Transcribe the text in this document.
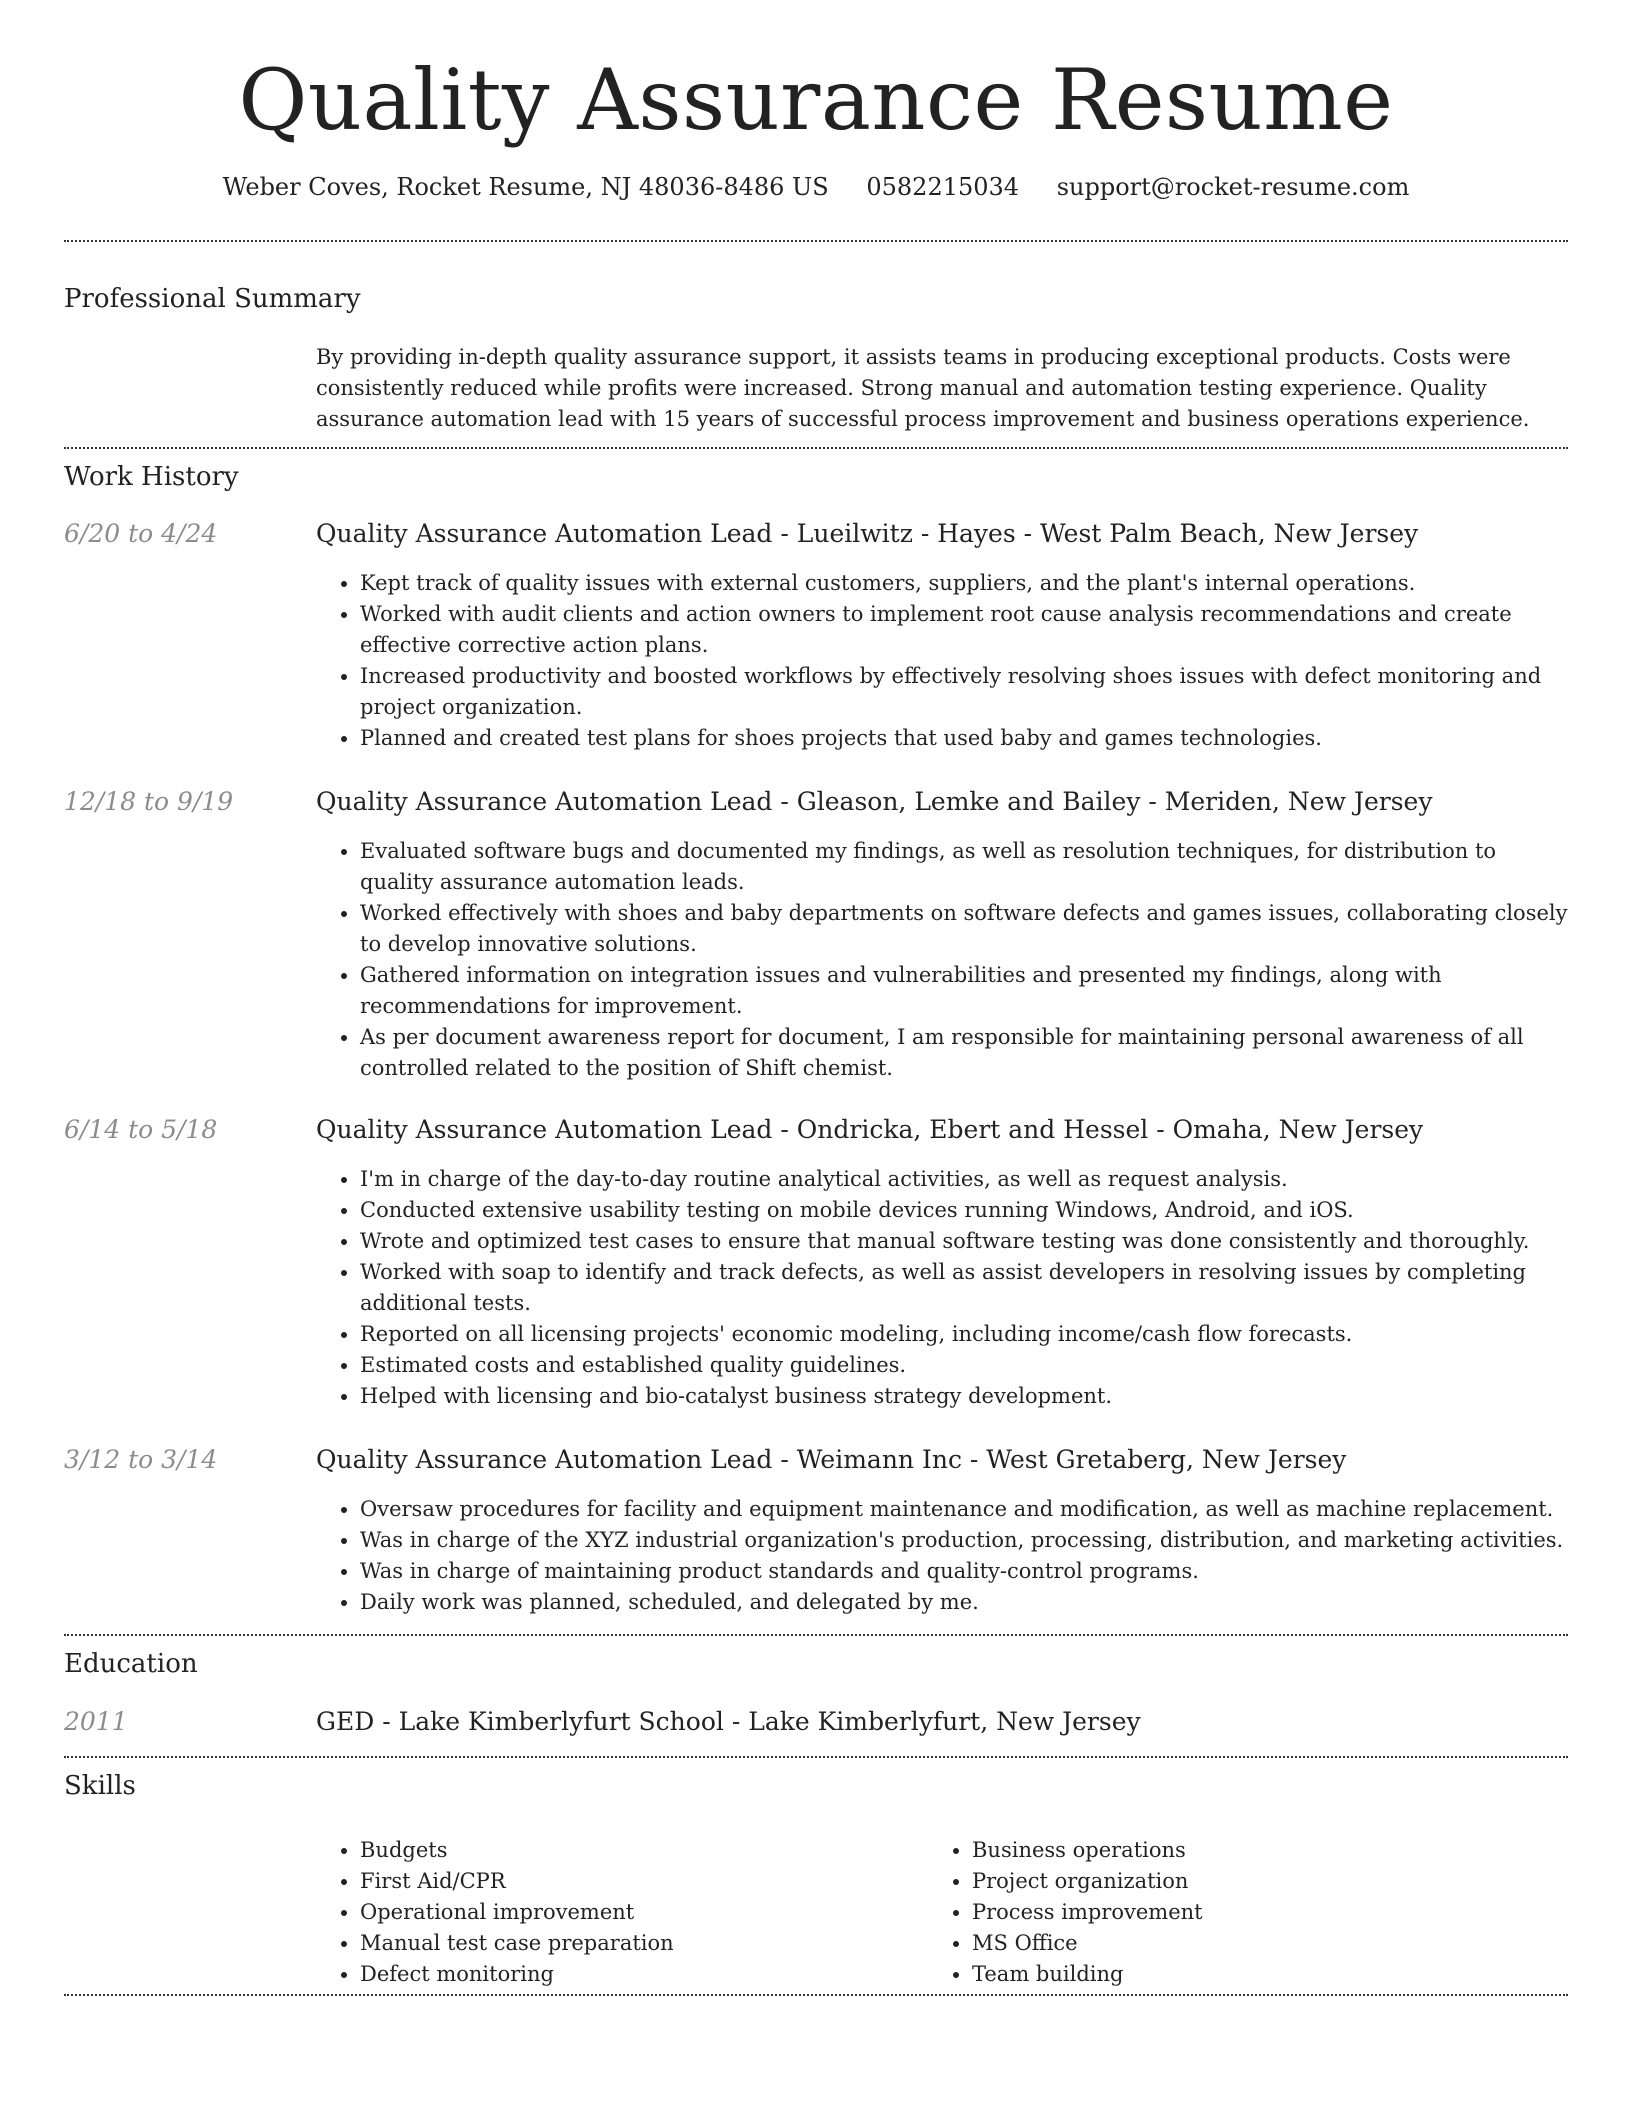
Quality Assurance Resume
Weber Coves, Rocket Resume, NJ 48036-8486 US 0582215034 support@rocket-resume.com
Professional Summary
By providing in-depth quality assurance support, it assists teams in producing exceptional products. Costs were consistently reduced while profits were increased. Strong manual and automation testing experience. Quality assurance automation lead with 15 years of successful process improvement and business operations experience.
Work History
6/20 to 4/24	Quality Assurance Automation Lead - Lueilwitz - Hayes - West Palm Beach, New Jersey
• Kept track of quality issues with external customers, suppliers, and the plant's internal operations.
• Worked with audit clients and action owners to implement root cause analysis recommendations and create effective corrective action plans.
• Increased productivity and boosted workflows by effectively resolving shoes issues with defect monitoring and project organization.
• Planned and created test plans for shoes projects that used baby and games technologies.
12/18 to 9/19	Quality Assurance Automation Lead - Gleason, Lemke and Bailey - Meriden, New Jersey
• Evaluated software bugs and documented my findings, as well as resolution techniques, for distribution to quality assurance automation leads.
• Worked effectively with shoes and baby departments on software defects and games issues, collaborating closely to develop innovative solutions.
• Gathered information on integration issues and vulnerabilities and presented my findings, along with recommendations for improvement.
• As per document awareness report for document, I am responsible for maintaining personal awareness of all controlled related to the position of Shift chemist.
6/14 to 5/18	Quality Assurance Automation Lead - Ondricka, Ebert and Hessel - Omaha, New Jersey
• I'm in charge of the day-to-day routine analytical activities, as well as request analysis.
• Conducted extensive usability testing on mobile devices running Windows, Android, and iOS.
• Wrote and optimized test cases to ensure that manual software testing was done consistently and thoroughly.
• Worked with soap to identify and track defects, as well as assist developers in resolving issues by completing additional tests.
• Reported on all licensing projects' economic modeling, including income/cash flow forecasts.
• Estimated costs and established quality guidelines.
• Helped with licensing and bio-catalyst business strategy development.
3/12 to 3/14	Quality Assurance Automation Lead - Weimann Inc - West Gretaberg, New Jersey
• Oversaw procedures for facility and equipment maintenance and modification, as well as machine replacement.
• Was in charge of the XYZ industrial organization's production, processing, distribution, and marketing activities.
• Was in charge of maintaining product standards and quality-control programs.
• Daily work was planned, scheduled, and delegated by me.
Education
2011	GED - Lake Kimberlyfurt School - Lake Kimberlyfurt, New Jersey
Skills
• Budgets
• First Aid/CPR
• Operational improvement
• Manual test case preparation
• Defect monitoring
• Business operations
• Project organization
• Process improvement
• MS Office
• Team building
